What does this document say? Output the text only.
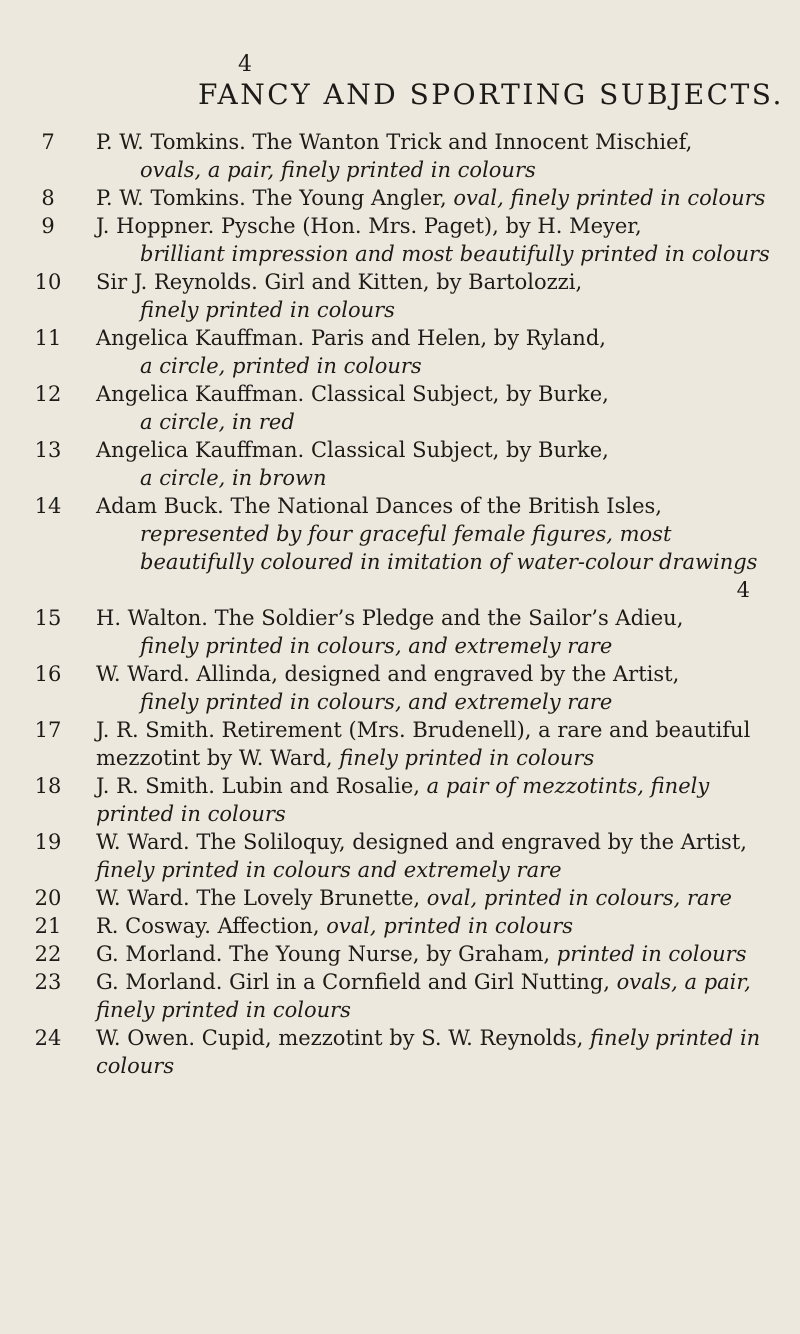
4
FANCY AND SPORTING SUBJECTS.
7	P. W. Tomkins. The Wanton Trick and Innocent Mischief,
ovals, a pair, finely printed in colours
8	P. W. Tomkins. The Young Angler, oval, finely printed in colours
9	J. Hoppner. Pysche (Hon. Mrs. Paget), by H. Meyer,
brilliant impression and most beautifully printed in colours
10	Sir J. Reynolds. Girl and Kitten, by Bartolozzi,
finely printed in colours
11	Angelica Kauffman. Paris and Helen, by Ryland,
a circle, printed in colours
12	Angelica Kauffman. Classical Subject, by Burke,
a circle, in red
13	Angelica Kauffman. Classical Subject, by Burke,
a circle, in brown
14	Adam Buck. The National Dances of the British Isles,
represented by four graceful female figures, most beautifully coloured in imitation of water-colour drawings
4
15	H. Walton. The Soldier’s Pledge and the Sailor’s Adieu,
finely printed in colours, and extremely rare
16	W. Ward. Allinda, designed and engraved by the Artist,
finely printed in colours, and extremely rare
17	J. R. Smith. Retirement (Mrs. Brudenell), a rare and beautiful mezzotint by W. Ward, finely printed in colours
18	J. R. Smith. Lubin and Rosalie, a pair of mezzotints, finely printed in colours
19	W. Ward. The Soliloquy, designed and engraved by the Artist, finely printed in colours and extremely rare
20	W. Ward. The Lovely Brunette, oval, printed in colours, rare
21	R. Cosway. Affection, oval, printed in colours
22	G. Morland. The Young Nurse, by Graham, printed in colours
23	G. Morland. Girl in a Cornfield and Girl Nutting, ovals, a pair, finely printed in colours
24	W. Owen. Cupid, mezzotint by S. W. Reynolds, finely printed in colours
